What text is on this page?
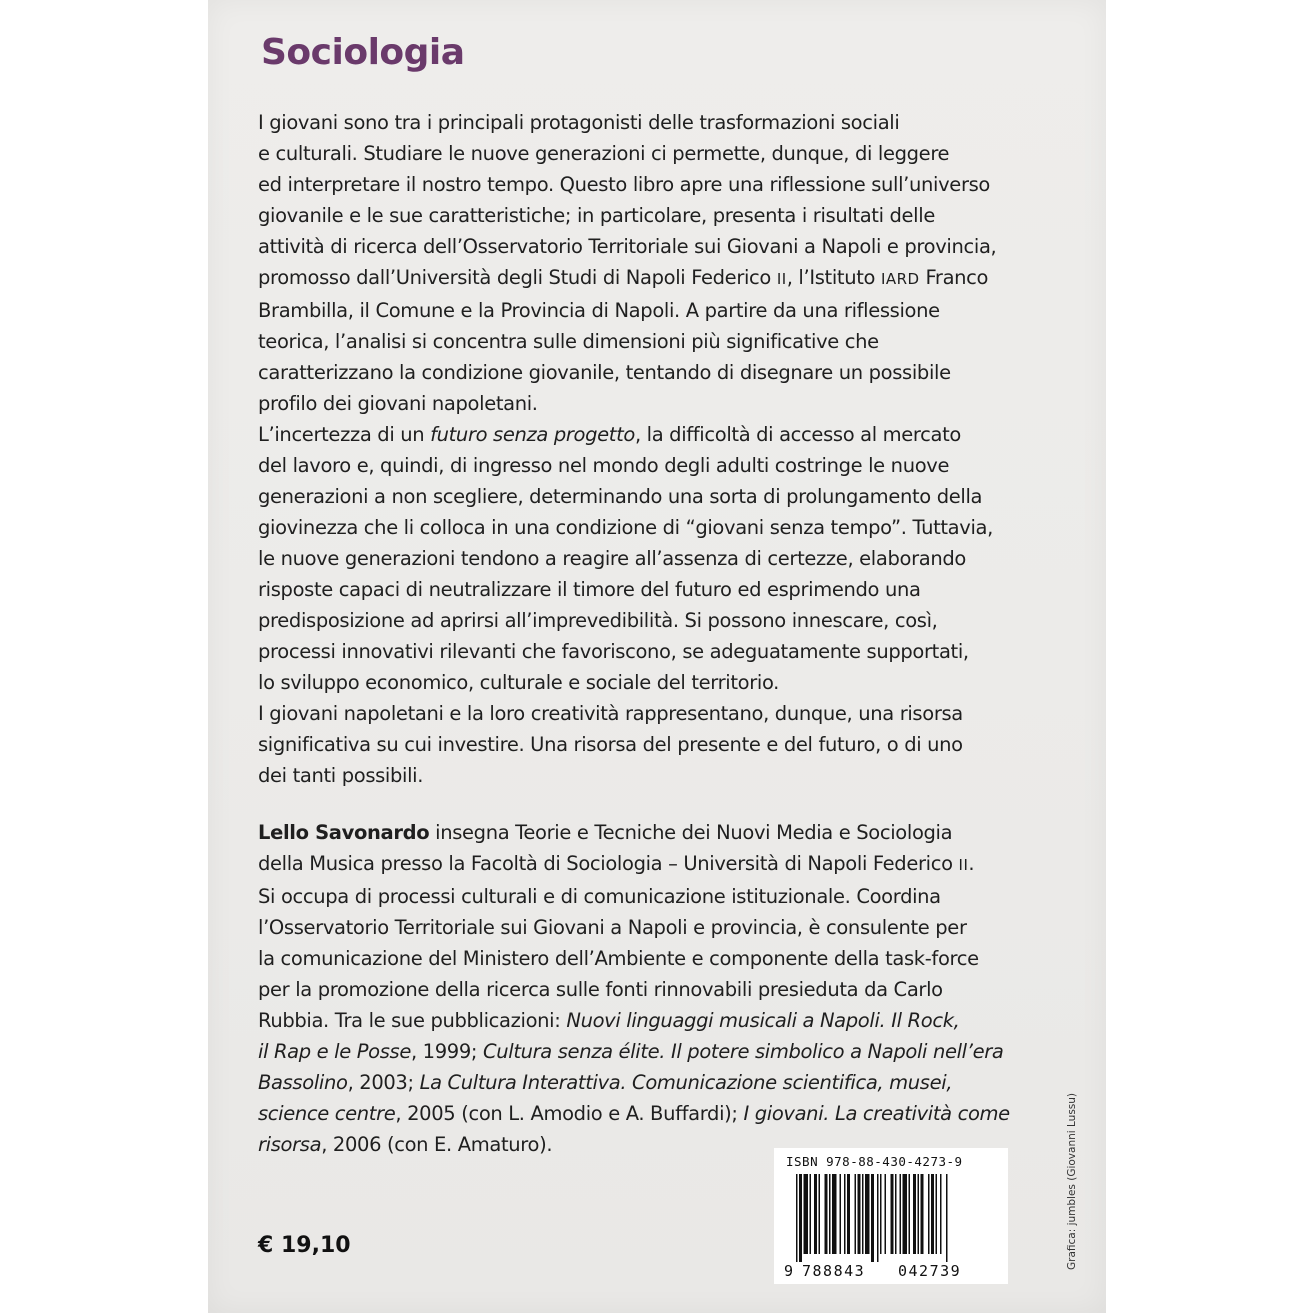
Sociologia
I giovani sono tra i principali protagonisti delle trasformazioni sociali
e culturali. Studiare le nuove generazioni ci permette, dunque, di leggere
ed interpretare il nostro tempo. Questo libro apre una riflessione sull’universo
giovanile e le sue caratteristiche; in particolare, presenta i risultati delle
attività di ricerca dell’Osservatorio Territoriale sui Giovani a Napoli e provincia,
promosso dall’Università degli Studi di Napoli Federico II, l’Istituto IARD Franco
Brambilla, il Comune e la Provincia di Napoli. A partire da una riflessione
teorica, l’analisi si concentra sulle dimensioni più significative che
caratterizzano la condizione giovanile, tentando di disegnare un possibile
profilo dei giovani napoletani.
L’incertezza di un futuro senza progetto, la difficoltà di accesso al mercato
del lavoro e, quindi, di ingresso nel mondo degli adulti costringe le nuove
generazioni a non scegliere, determinando una sorta di prolungamento della
giovinezza che li colloca in una condizione di “giovani senza tempo”. Tuttavia,
le nuove generazioni tendono a reagire all’assenza di certezze, elaborando
risposte capaci di neutralizzare il timore del futuro ed esprimendo una
predisposizione ad aprirsi all’imprevedibilità. Si possono innescare, così,
processi innovativi rilevanti che favoriscono, se adeguatamente supportati,
lo sviluppo economico, culturale e sociale del territorio.
I giovani napoletani e la loro creatività rappresentano, dunque, una risorsa
significativa su cui investire. Una risorsa del presente e del futuro, o di uno
dei tanti possibili.
Lello Savonardo insegna Teorie e Tecniche dei Nuovi Media e Sociologia
della Musica presso la Facoltà di Sociologia – Università di Napoli Federico II.
Si occupa di processi culturali e di comunicazione istituzionale. Coordina
l’Osservatorio Territoriale sui Giovani a Napoli e provincia, è consulente per
la comunicazione del Ministero dell’Ambiente e componente della task-force
per la promozione della ricerca sulle fonti rinnovabili presieduta da Carlo
Rubbia. Tra le sue pubblicazioni: Nuovi linguaggi musicali a Napoli. Il Rock,
il Rap e le Posse, 1999; Cultura senza élite. Il potere simbolico a Napoli nell’era
Bassolino, 2003; La Cultura Interattiva. Comunicazione scientifica, musei,
science centre, 2005 (con L. Amodio e A. Buffardi); I giovani. La creatività come
risorsa, 2006 (con E. Amaturo).
€ 19,10
ISBN 978-88-430-4273-9
9 788843 042739
Grafica: jumbles (Giovanni Lussu)
